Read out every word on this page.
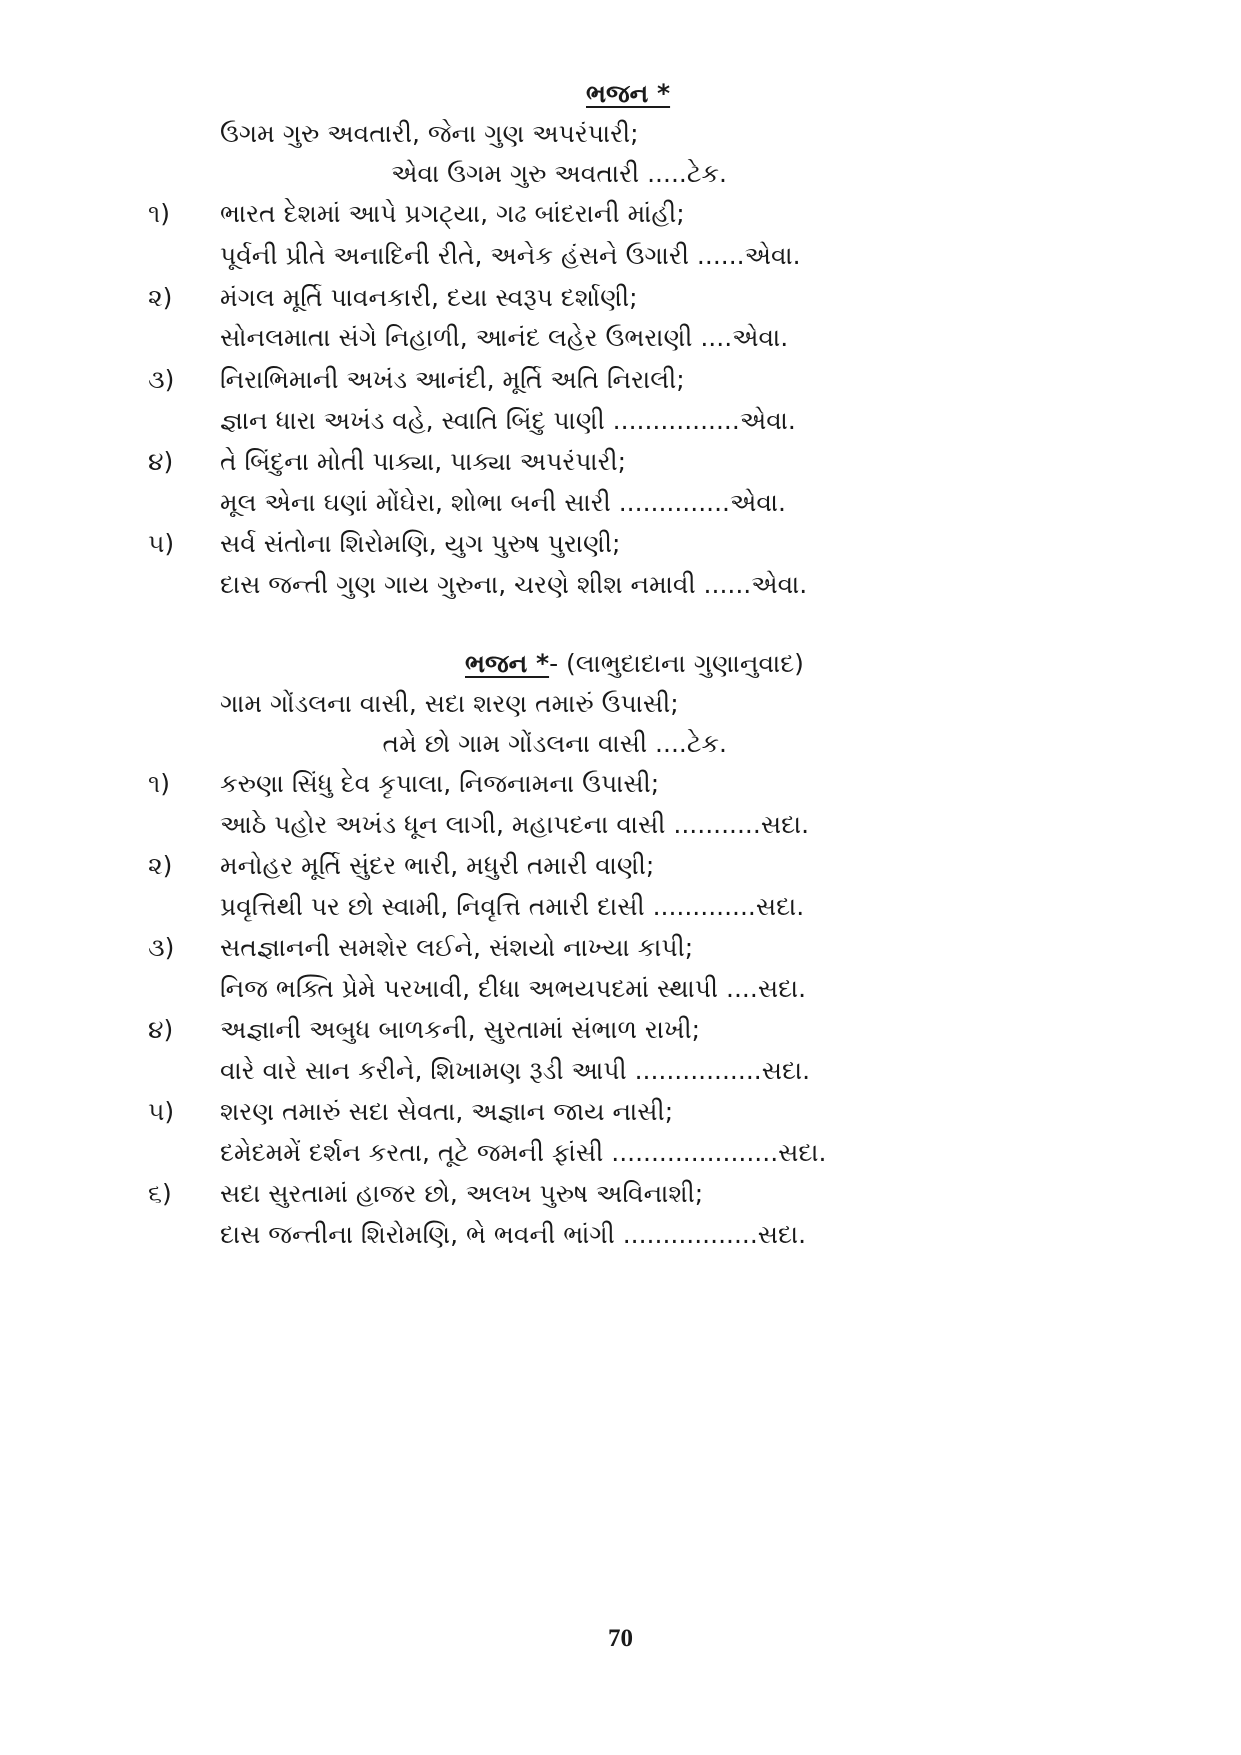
ભજન *
ઉગમ ગુરુ અવતારી, જેના ગુણ અપરંપારી;
એવા ઉગમ ગુરુ અવતારી .....ટેક.
૧) ભારત દેશમાં આપે પ્રગટ્યા, ગઢ બાંદરાની માંહી;
પૂર્વની પ્રીતે અનાદિની રીતે, અનેક હંસને ઉગારી ......એવા.
૨) મંગલ મૂર્તિ પાવનકારી, દયા સ્વરૂપ દર્શાણી;
સોનલમાતા સંગે નિહાળી, આનંદ લહેર ઉભરાણી ....એવા.
૩) નિરાભિમાની અખંડ આનંદી, મૂર્તિ અતિ નિરાલી;
જ્ઞાન ધારા અખંડ વહે, સ્વાતિ બિંદુ પાણી ................એવા.
૪) તે બિંદુના મોતી પાક્યા, પાક્યા અપરંપારી;
મૂલ એના ઘણાં મોંઘેરા, શોભા બની સારી ..............એવા.
૫) સર્વ સંતોના શિરોમણિ, યુગ પુરુષ પુરાણી;
દાસ જન્તી ગુણ ગાય ગુરુના, ચરણે શીશ નમાવી ......એવા.
ભજન *- (લાભુદાદાના ગુણાનુવાદ)
ગામ ગોંડલના વાસી, સદા શરણ તમારું ઉપાસી;
તમે છો ગામ ગોંડલના વાસી ....ટેક.
૧) કરુણા સિંધુ દેવ કૃપાલા, નિજનામના ઉપાસી;
આઠે પહોર અખંડ ધૂન લાગી, મહાપદના વાસી ...........સદા.
૨) મનોહર મૂર્તિ સુંદર ભારી, મધુરી તમારી વાણી;
પ્રવૃત્તિથી પર છો સ્વામી, નિવૃત્તિ તમારી દાસી .............સદા.
૩) સતજ્ઞાનની સમશેર લઈને, સંશયો નાખ્યા કાપી;
નિજ ભક્તિ પ્રેમે પરખાવી, દીધા અભયપદમાં સ્થાપી ....સદા.
૪) અજ્ઞાની અબુધ બાળકની, સુરતામાં સંભાળ રાખી;
વારે વારે સાન કરીને, શિખામણ રૂડી આપી ................સદા.
૫) શરણ તમારું સદા સેવતા, અજ્ઞાન જાય નાસી;
દમેદમમેં દર્શન કરતા, તૂટે જમની ફાંસી .....................સદા.
૬) સદા સુરતામાં હાજર છો, અલખ પુરુષ અવિનાશી;
દાસ જન્તીના શિરોમણિ, ભે ભવની ભાંગી .................સદા.
70
